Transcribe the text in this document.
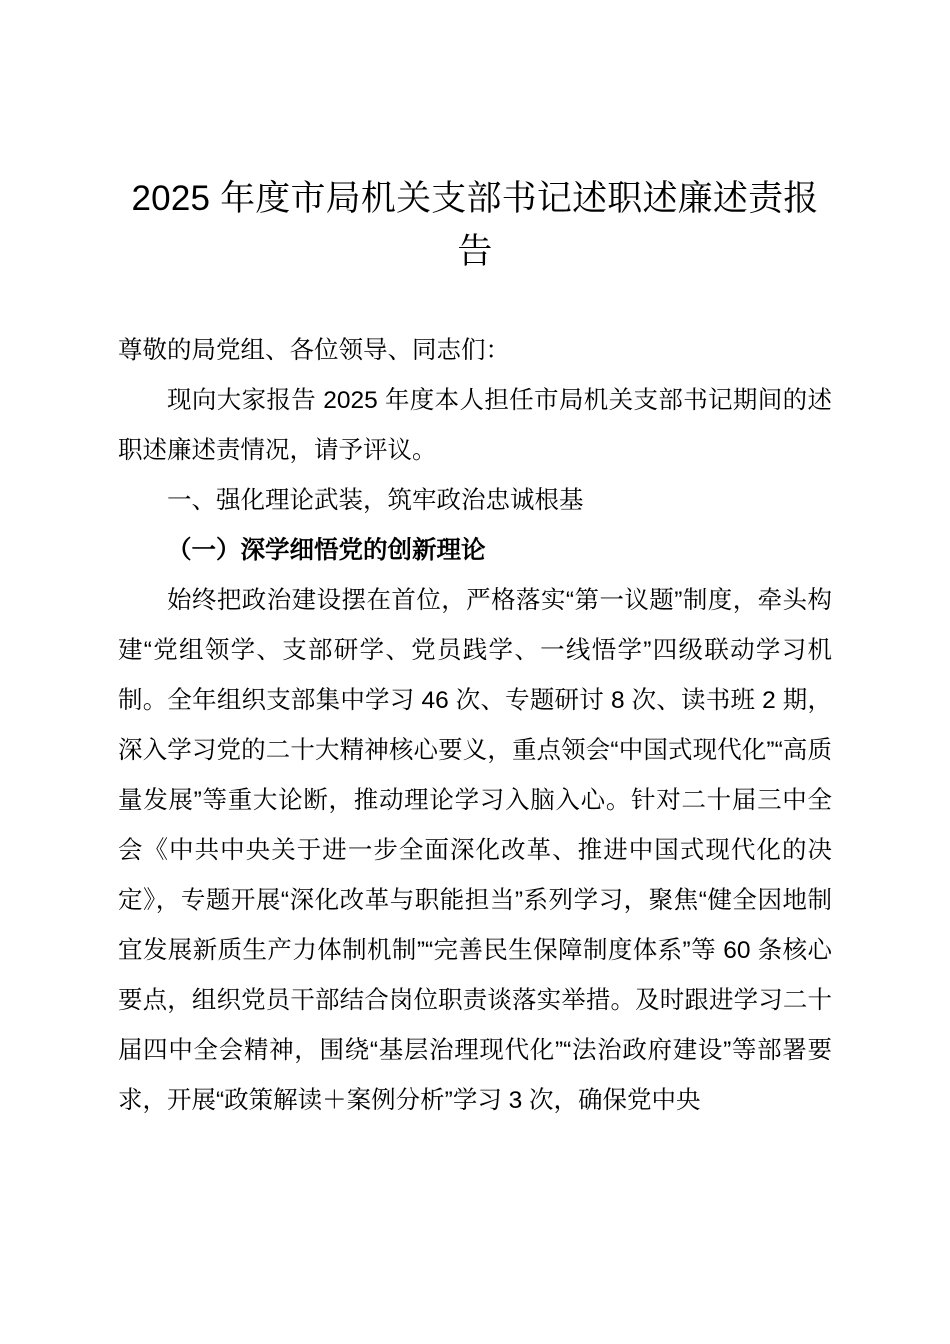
2025 年度市局机关支部书记述职述廉述责报告

尊敬的局党组、各位领导、同志们：

现向大家报告 2025 年度本人担任市局机关支部书记期间的述职述廉述责情况，请予评议。

一、强化理论武装，筑牢政治忠诚根基

（一）深学细悟党的创新理论

始终把政治建设摆在首位，严格落实“第一议题”制度，牵头构建“党组领学、支部研学、党员践学、一线悟学”四级联动学习机制。全年组织支部集中学习 46 次、专题研讨 8 次、读书班 2 期，深入学习党的二十大精神核心要义，重点领会“中国式现代化”“高质量发展”等重大论断，推动理论学习入脑入心。针对二十届三中全会《中共中央关于进一步全面深化改革、推进中国式现代化的决定》，专题开展“深化改革与职能担当”系列学习，聚焦“健全因地制宜发展新质生产力体制机制”“完善民生保障制度体系”等 60 条核心要点，组织党员干部结合岗位职责谈落实举措。及时跟进学习二十届四中全会精神，围绕“基层治理现代化”“法治政府建设”等部署要求，开展“政策解读＋案例分析”学习 3 次，确保党中央
